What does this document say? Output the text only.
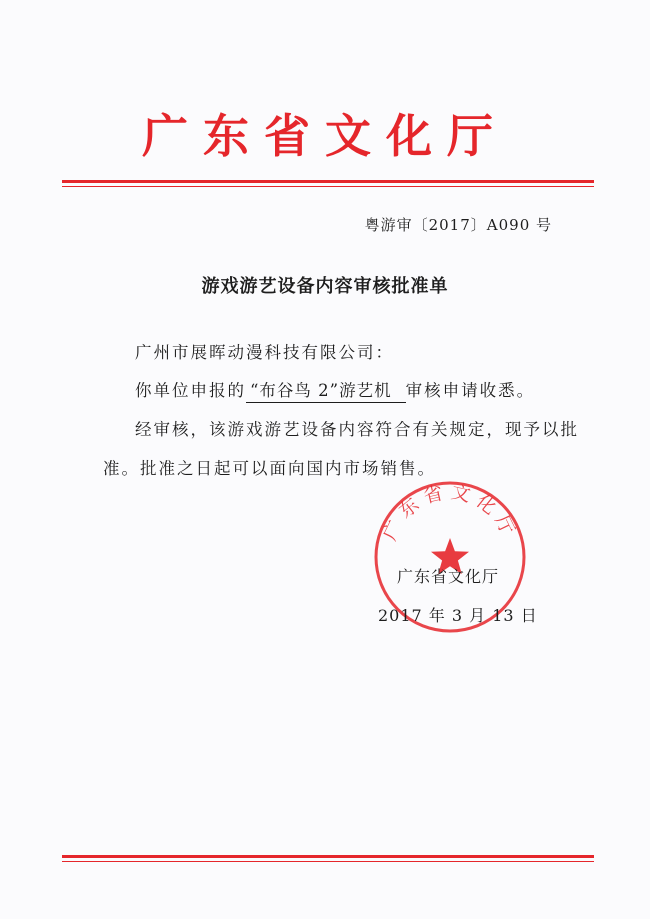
广东省文化厅
粤游审〔2017〕A090 号
游戏游艺设备内容审核批准单
广州市展晖动漫科技有限公司：
你单位申报的 “布谷鸟 2”游艺机 审核申请收悉。
经审核，该游戏游艺设备内容符合有关规定，现予以批
准。批准之日起可以面向国内市场销售。
广东省文化厅
广东省文化厅
2017 年 3 月 13 日
